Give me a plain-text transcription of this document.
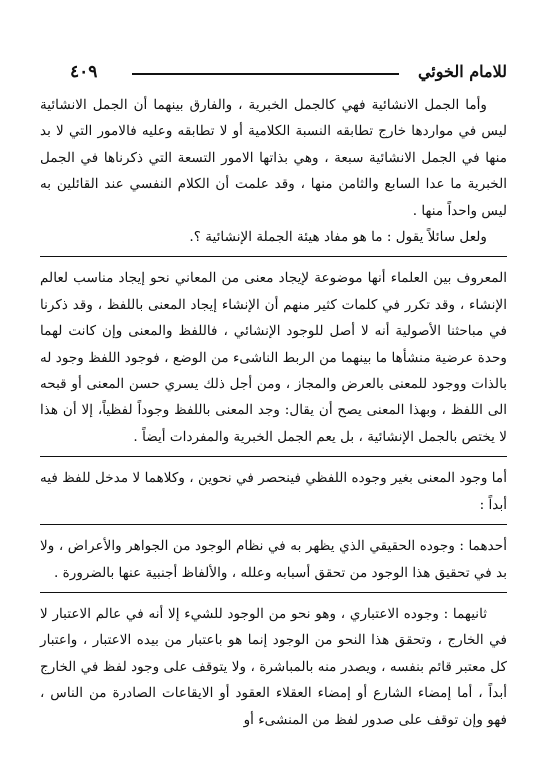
للامام الخوئي
٤٠٩

وأما الجمل الانشائية فهي كالجمل الخبرية ، والفارق بينهما أن الجمل الانشائية ليس في مواردها خارج تطابقه النسبة الكلامية أو لا تطابقه وعليه فالامور التي لا بد منها في الجمل الانشائية سبعة ، وهي بذاتها الامور التسعة التي ذكرناها في الجمل الخبرية ما عدا السابع والثامن منها ، وقد علمت أن الكلام النفسي عند القائلين به ليس واحداً منها .

ولعل سائلاً يقول : ما هو مفاد هيئة الجملة الإنشائية ؟.

المعروف بين العلماء أنها موضوعة لإيجاد معنى من المعاني نحو إيجاد مناسب لعالم الإنشاء ، وقد تكرر في كلمات كثير منهم أن الإنشاء إيجاد المعنى باللفظ ، وقد ذكرنا في مباحثنا الأصولية أنه لا أصل للوجود الإنشائي ، فاللفظ والمعنى وإن كانت لهما وحدة عرضية منشأها ما بينهما من الربط الناشىء من الوضع ، فوجود اللفظ وجود له بالذات ووجود للمعنى بالعرض والمجاز ، ومن أجل ذلك يسري حسن المعنى أو قبحه الى اللفظ ، وبهذا المعنى يصح أن يقال: وجد المعنى باللفظ وجوداً لفظياً، إلا أن هذا لا يختص بالجمل الإنشائية ، بل يعم الجمل الخبرية والمفردات أيضاً .

أما وجود المعنى بغير وجوده اللفظي فينحصر في نحوين ، وكلاهما لا مدخل للفظ فيه أبداً :

أحدهما : وجوده الحقيقي الذي يظهر به في نظام الوجود من الجواهر والأعراض ، ولا بد في تحقيق هذا الوجود من تحقق أسبابه وعلله ، والألفاظ أجنبية عنها بالضرورة .

ثانيهما : وجوده الاعتباري ، وهو نحو من الوجود للشيء إلا أنه في عالم الاعتبار لا في الخارج ، وتحقق هذا النحو من الوجود إنما هو باعتبار من بيده الاعتبار ، واعتبار كل معتبر قائم بنفسه ، ويصدر منه بالمباشرة ، ولا يتوقف على وجود لفظ في الخارج أبداً ، أما إمضاء الشارع أو إمضاء العقلاء العقود أو الايقاعات الصادرة من الناس ، فهو وإن توقف على صدور لفظ من المنشىء أو
